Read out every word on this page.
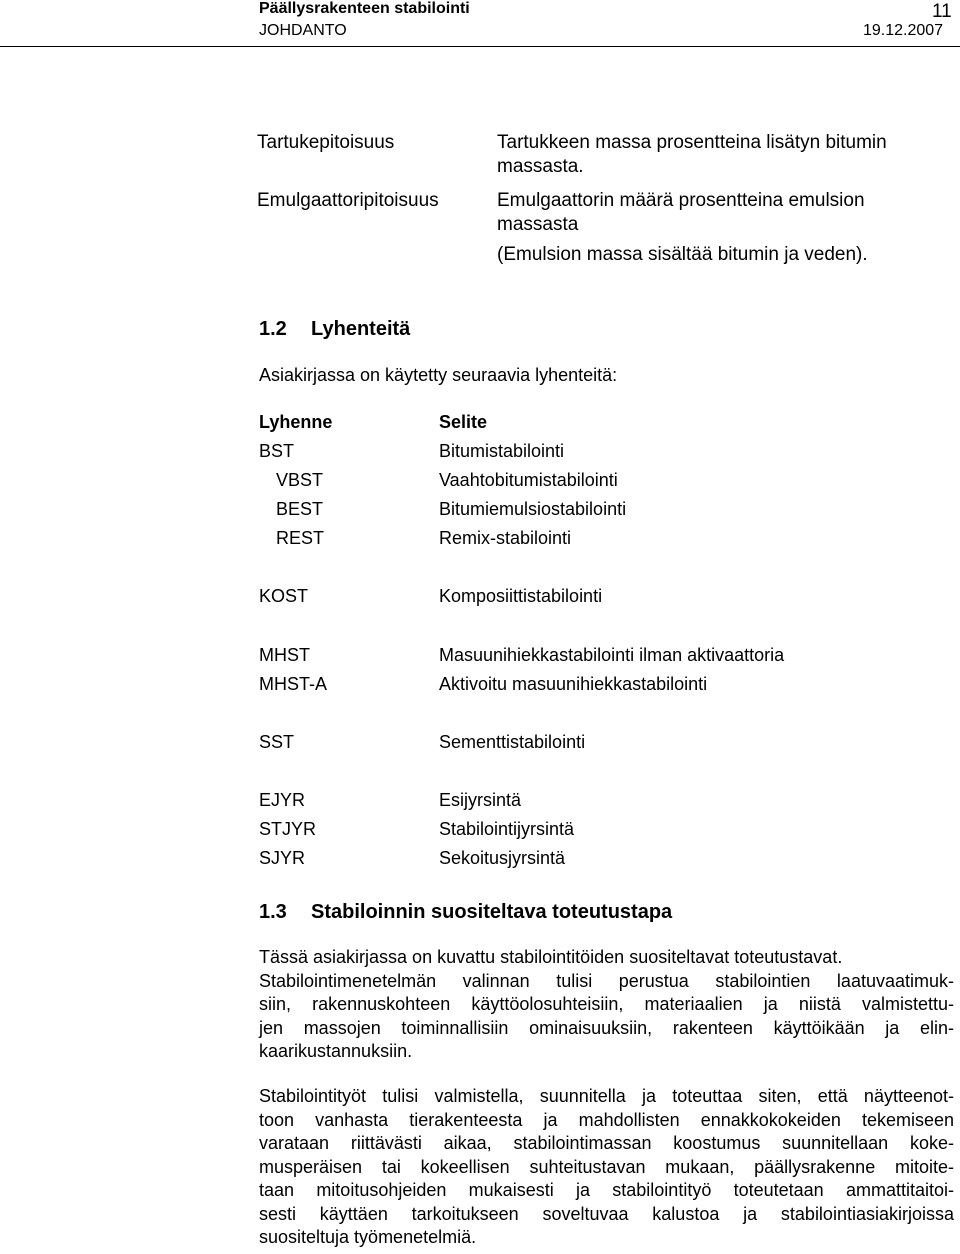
Päällysrakenteen stabilointi
JOHDANTO
11
19.12.2007
Tartukepitoisuus	Tartukkeen massa prosentteina lisätyn bitumin
massasta.
Emulgaattoripitoisuus	Emulgaattorin määrä prosentteina emulsion
massasta
(Emulsion massa sisältää bitumin ja veden).
1.2 Lyhenteitä
Asiakirjassa on käytetty seuraavia lyhenteitä:
Lyhenne	Selite
BST	Bitumistabilointi
VBST	Vaahtobitumistabilointi
BEST	Bitumiemulsiostabilointi
REST	Remix-stabilointi
KOST	Komposiittistabilointi
MHST	Masuunihiekkastabilointi ilman aktivaattoria
MHST-A	Aktivoitu masuunihiekkastabilointi
SST	Sementtistabilointi
EJYR	Esijyrsintä
STJYR	Stabilointijyrsintä
SJYR	Sekoitusjyrsintä
1.3 Stabiloinnin suositeltava toteutustapa

Tässä asiakirjassa on kuvattu stabilointitöiden suositeltavat toteutustavat.
Stabilointimenetelmän valinnan tulisi perustua stabilointien laatuvaatimuk-
siin, rakennuskohteen käyttöolosuhteisiin, materiaalien ja niistä valmistettu-
jen massojen toiminnallisiin ominaisuuksiin, rakenteen käyttöikään ja elin-
kaarikustannuksiin.

Stabilointityöt tulisi valmistella, suunnitella ja toteuttaa siten, että näytteenot-
toon vanhasta tierakenteesta ja mahdollisten ennakkokokeiden tekemiseen
varataan riittävästi aikaa, stabilointimassan koostumus suunnitellaan koke-
musperäisen tai kokeellisen suhteitustavan mukaan, päällysrakenne mitoite-
taan mitoitusohjeiden mukaisesti ja stabilointityö toteutetaan ammattitaitoi-
sesti käyttäen tarkoitukseen soveltuvaa kalustoa ja stabilointiasiakirjoissa
suositeltuja työmenetelmiä.
